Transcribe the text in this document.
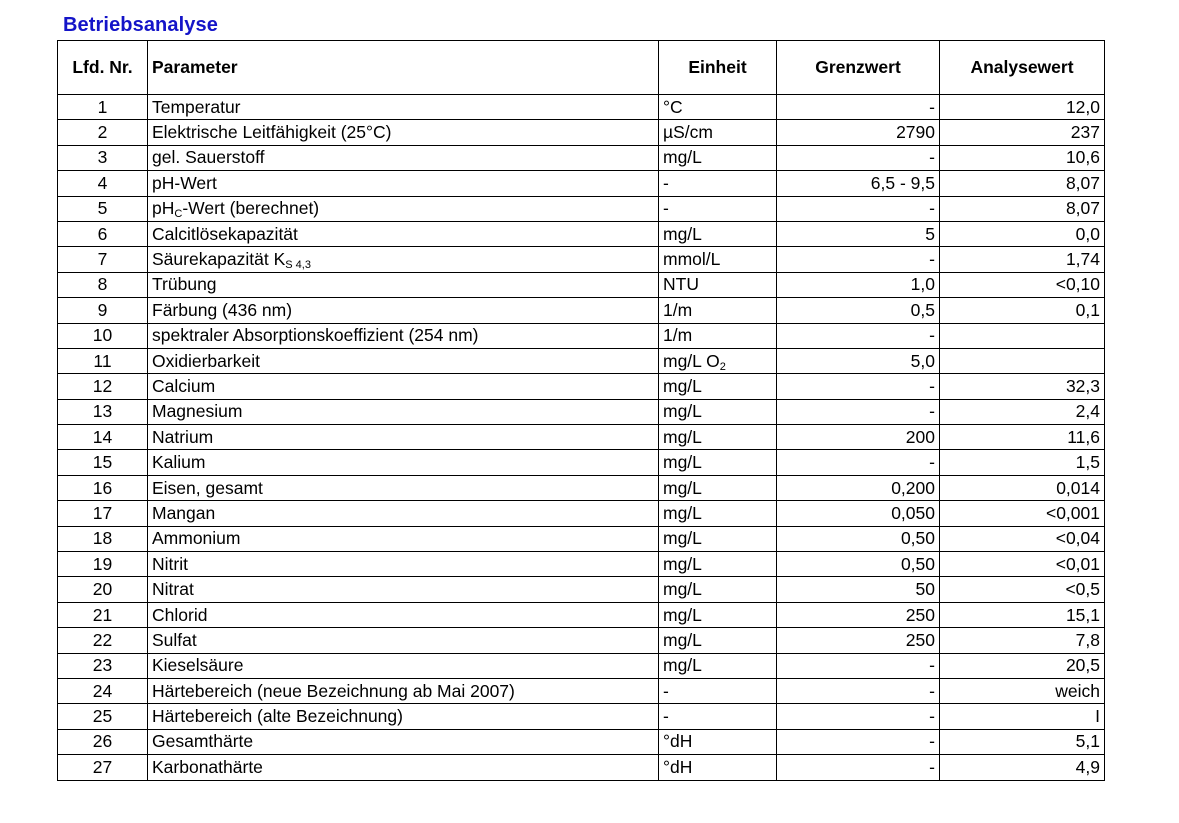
Betriebsanalyse
Lfd. Nr.	Parameter	Einheit	Grenzwert	Analysewert
1	Temperatur	°C	-	12,0
2	Elektrische Leitfähigkeit (25°C)	µS/cm	2790	237
3	gel. Sauerstoff	mg/L	-	10,6
4	pH-Wert	-	6,5 - 9,5	8,07
5	$pH_C$-Wert (berechnet)	-	-	8,07
6	Calcitlösekapazität	mg/L	5	0,0
7	Säurekapazität $K_{S 4,3}$	mmol/L	-	1,74
8	Trübung	NTU	1,0	<0,10
9	Färbung (436 nm)	1/m	0,5	0,1
10	spektraler Absorptionskoeffizient (254 nm)	1/m	-	
11	Oxidierbarkeit	mg/L $O_2$	5,0	
12	Calcium	mg/L	-	32,3
13	Magnesium	mg/L	-	2,4
14	Natrium	mg/L	200	11,6
15	Kalium	mg/L	-	1,5
16	Eisen, gesamt	mg/L	0,200	0,014
17	Mangan	mg/L	0,050	<0,001
18	Ammonium	mg/L	0,50	<0,04
19	Nitrit	mg/L	0,50	<0,01
20	Nitrat	mg/L	50	<0,5
21	Chlorid	mg/L	250	15,1
22	Sulfat	mg/L	250	7,8
23	Kieselsäure	mg/L	-	20,5
24	Härtebereich (neue Bezeichnung ab Mai 2007)	-	-	weich
25	Härtebereich (alte Bezeichnung)	-	-	I
26	Gesamthärte	°dH	-	5,1
27	Karbonathärte	°dH	-	4,9
